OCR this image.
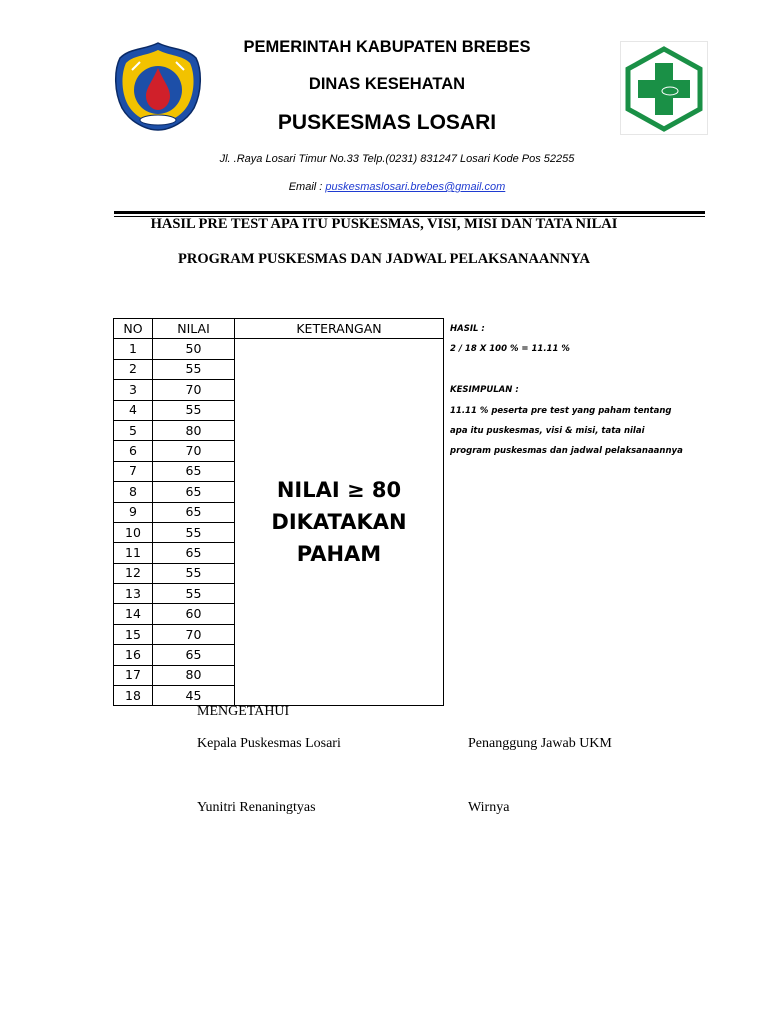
PEMERINTAH KABUPATEN BREBES
DINAS KESEHATAN
PUSKESMAS LOSARI
Jl. .Raya Losari Timur No.33 Telp.(0231) 831247 Losari Kode Pos 52255
Email : puskesmaslosari.brebes@gmail.com
HASIL PRE TEST APA ITU PUSKESMAS, VISI, MISI DAN TATA NILAI
PROGRAM PUSKESMAS DAN JADWAL PELAKSANAANNYA
NO	NILAI	KETERANGAN
1	50	NILAI ≥ 80
DIKATAKAN
PAHAM

2	55	
3	70	
4	55	
5	80	
6	70	
7	65	
8	65	
9	65	
10	55	
11	65	
12	55	
13	55	
14	60	
15	70	
16	65	
17	80	
18	45	
HASIL :
2 / 18 X 100 % = 11.11 %
KESIMPULAN :
11.11 % peserta pre test yang paham tentang
apa itu puskesmas, visi & misi, tata nilai
program puskesmas dan jadwal pelaksanaannya
MENGETAHUI
Kepala Puskesmas Losari	Penanggung Jawab UKM
Yunitri Renaningtyas	Wirnya
